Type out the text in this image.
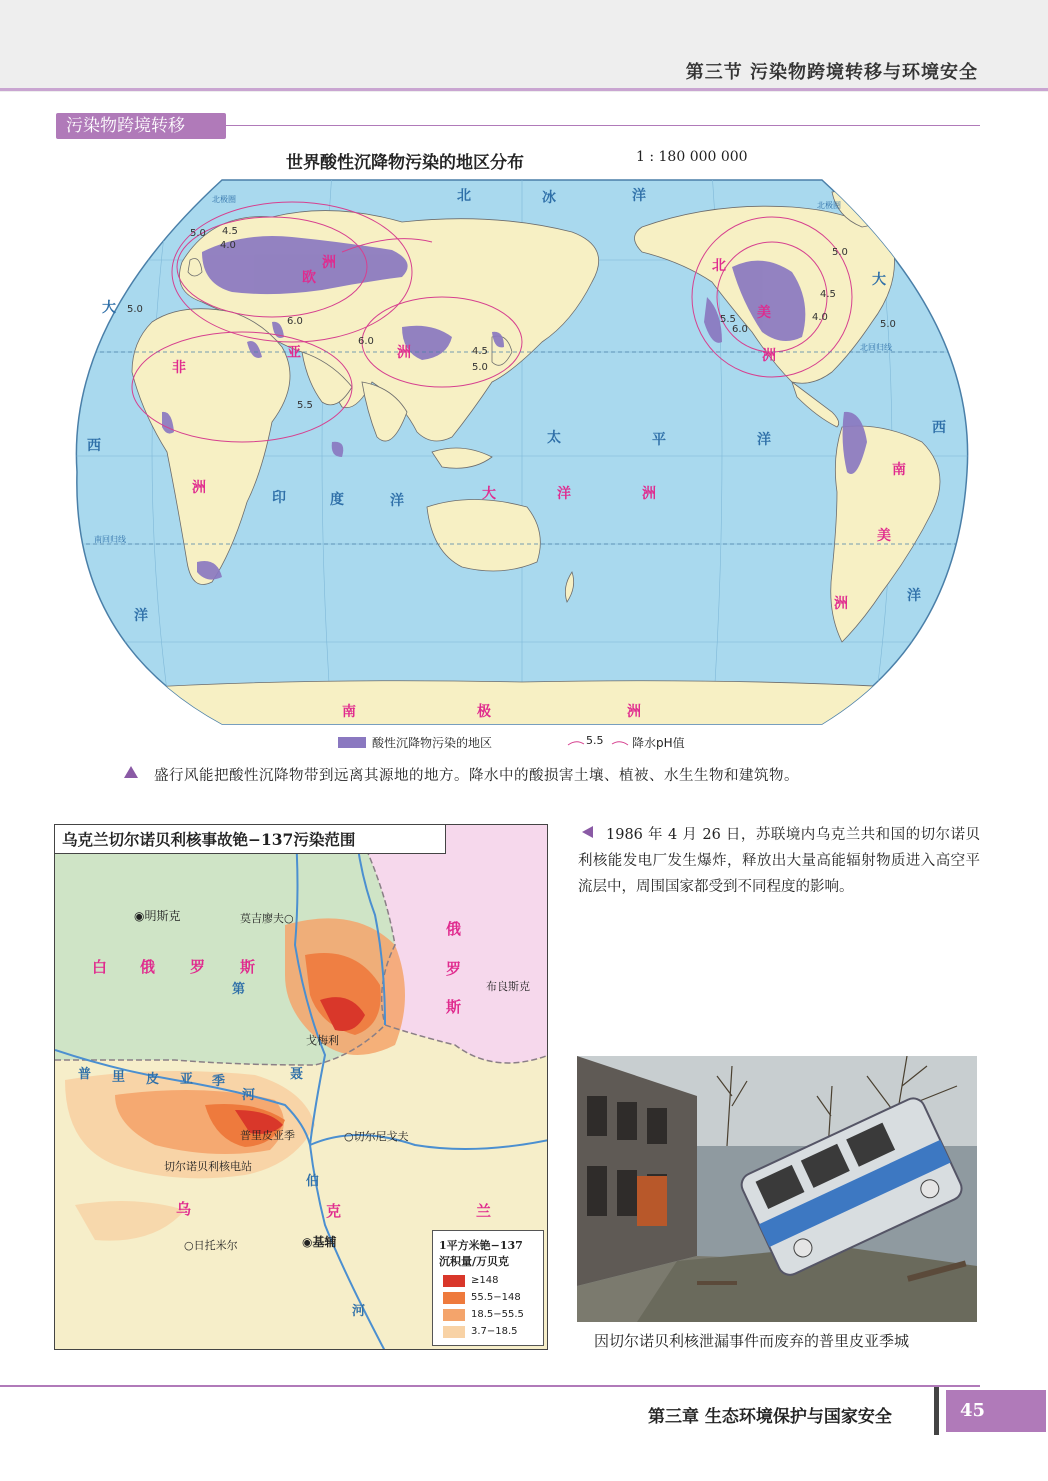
第三节 污染物跨境转移与环境安全
污染物跨境转移
世界酸性沉降物污染的地区分布	1 : 180 000 000
北	冰	洋
欧
洲
亚	洲
非
洲
大
西
洋
大
西
洋
北
美
洲
南
美
洲
太	平	洋
印	度	洋	大	洋	洲
南	极	洲
北极圈
北极圈
北回归线
南回归线
5.0 4.5
4.0
5.0
6.0
6.0
4.5
5.0
5.5
5.0
4.5
4.0
5.0
5.5
6.0
酸性沉降物污染的地区	5.5 降水pH值
盛行风能把酸性沉降物带到远离其源地的地方。降水中的酸损害土壤、植被、水生生物和建筑物。
乌克兰切尔诺贝利核事故铯−137污染范围
白 俄 罗 斯
俄
罗
斯
乌	克	兰
◉明斯克	莫吉廖夫○
布良斯克
戈梅利
普里皮亚季	○切尔尼戈夫
切尔诺贝利核电站
◉基辅
○日托米尔
普 里 皮 亚 季
河
第
聂
伯
河
1平方米铯−137
沉积量/万贝克
≥148
55.5−148
18.5−55.5
3.7−18.5
1986 年 4 月 26 日，苏联境内乌克兰共和国的切尔诺贝利核能发电厂发生爆炸，释放出大量高能辐射物质进入高空平流层中，周围国家都受到不同程度的影响。
因切尔诺贝利核泄漏事件而废弃的普里皮亚季城
第三章 生态环境保护与国家安全	45
